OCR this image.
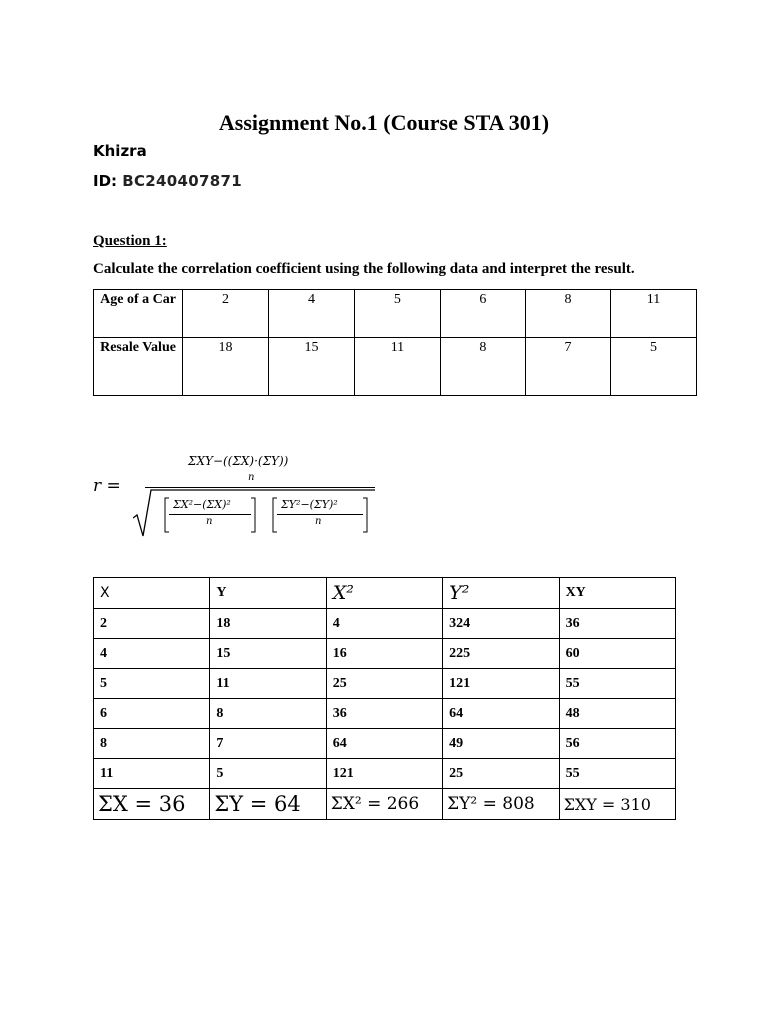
Assignment No.1 (Course STA 301)
Khizra
ID: BC240407871
Question 1:
Calculate the correlation coefficient using the following data and interpret the result.
Age of a Car	2	4	5	6	8	11
Resale Value	18	15	11	8	7	5
r =
ΣXY−((ΣX)·(ΣY))
n
ΣX²−(ΣX)²
n
ΣY²−(ΣY)²
n
X	Y	X²	Y²	XY
2	18	4	324	36
4	15	16	225	60
5	11	25	121	55
6	8	36	64	48
8	7	64	49	56
11	5	121	25	55
ΣX = 36	ΣY = 64	ΣX² = 266	ΣY² = 808	ΣXY = 310
